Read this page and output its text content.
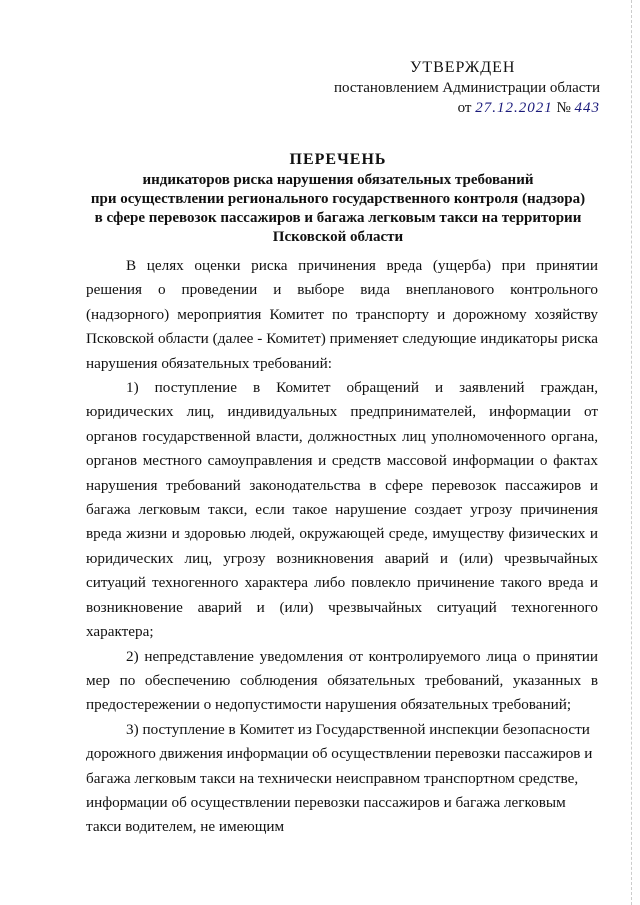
УТВЕРЖДЕН
постановлением Администрации области
от 27.12.2021 № 443
ПЕРЕЧЕНЬ
индикаторов риска нарушения обязательных требований
при осуществлении регионального государственного контроля (надзора)
в сфере перевозок пассажиров и багажа легковым такси на территории
Псковской области

В целях оценки риска причинения вреда (ущерба) при принятии решения о проведении и выборе вида внепланового контрольного (надзорного) мероприятия Комитет по транспорту и дорожному хозяйству Псковской области (далее - Комитет) применяет следующие индикаторы риска нарушения обязательных требований:

1) поступление в Комитет обращений и заявлений граждан, юридических лиц, индивидуальных предпринимателей, информации от органов государственной власти, должностных лиц уполномоченного органа, органов местного самоуправления и средств массовой информации о фактах нарушения требований законодательства в сфере перевозок пассажиров и багажа легковым такси, если такое нарушение создает угрозу причинения вреда жизни и здоровью людей, окружающей среде, имуществу физических и юридических лиц, угрозу возникновения аварий и (или) чрезвычайных ситуаций техногенного характера либо повлекло причинение такого вреда и возникновение аварий и (или) чрезвычайных ситуаций техногенного характера;

2) непредставление уведомления от контролируемого лица о принятии мер по обеспечению соблюдения обязательных требований, указанных в предостережении о недопустимости нарушения обязательных требований;

3) поступление в Комитет из Государственной инспекции безопасности дорожного движения информации об осуществлении перевозки пассажиров и багажа легковым такси на технически неисправном транспортном средстве, информации об осуществлении перевозки пассажиров и багажа легковым такси водителем, не имеющим
